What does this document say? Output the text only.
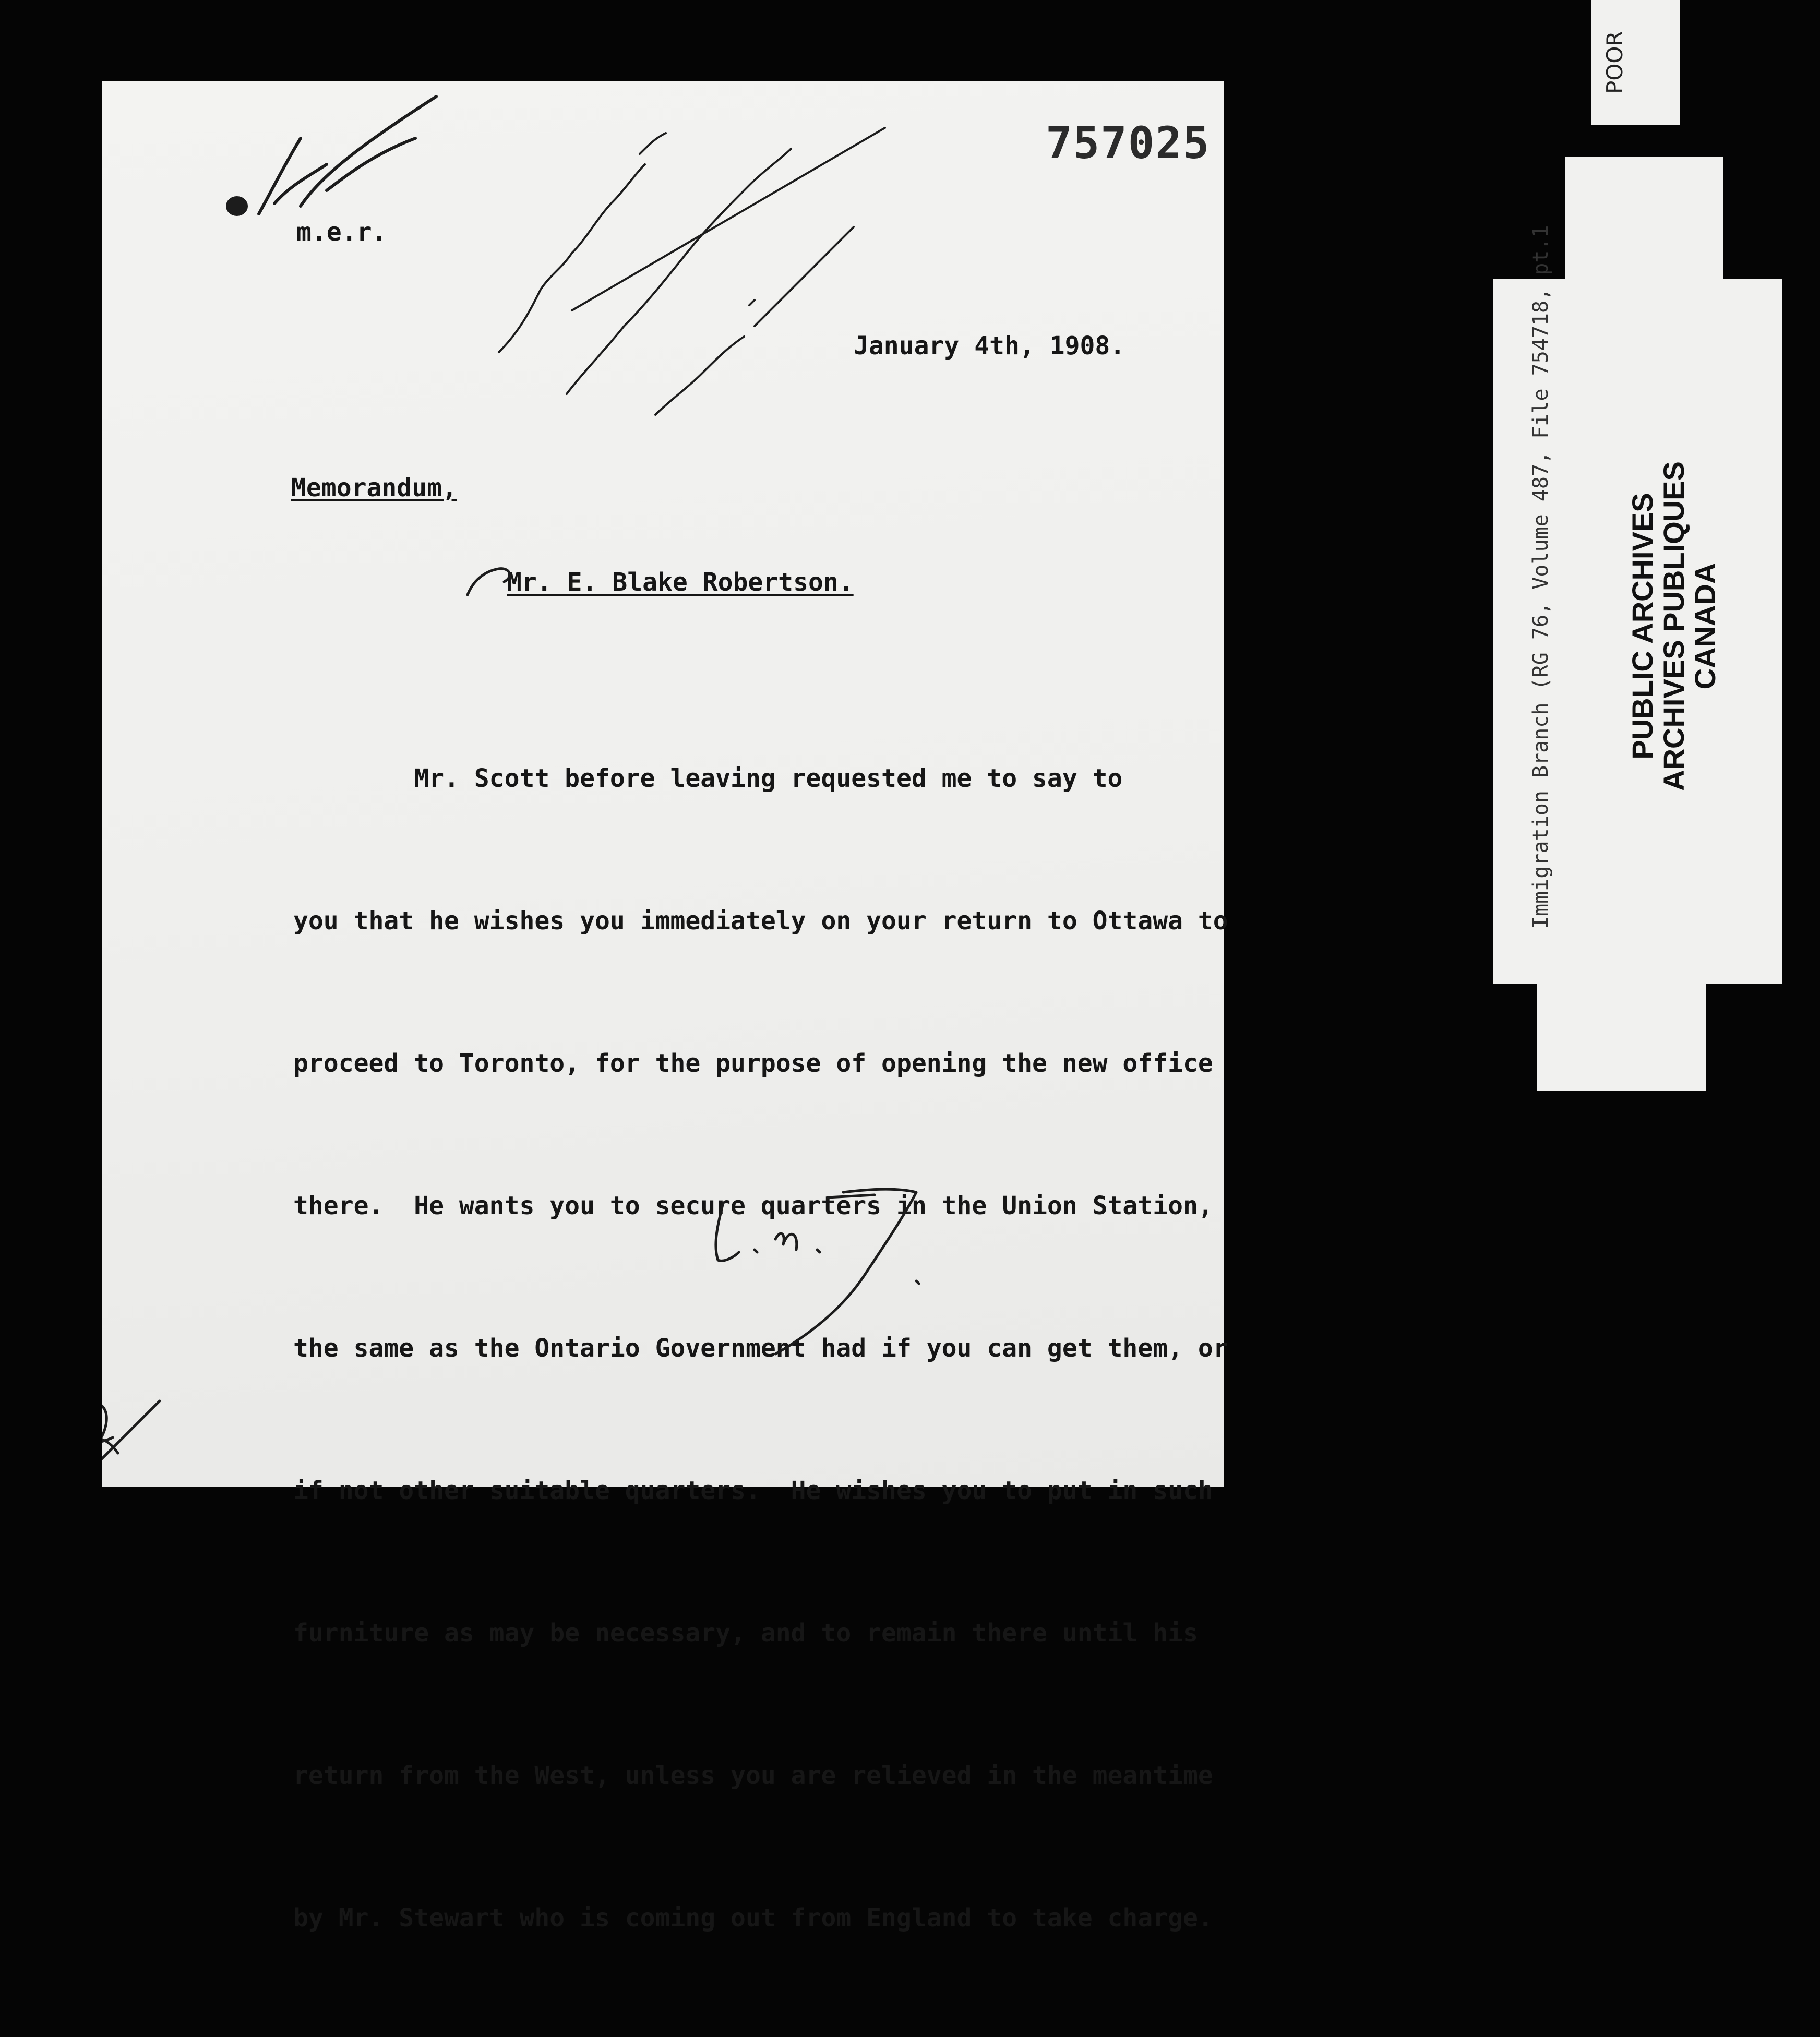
757025
m.e.r.
January 4th, 1908.
Memorandum,
Mr. E. Blake Robertson.

Mr. Scott before leaving requested me to say to

you that he wishes you immediately on your return to Ottawa to

proceed to Toronto, for the purpose of opening the new office

there.  He wants you to secure quarters in the Union Station,

the same as the Ontario Government had if you can get them, or

if not other suitable quarters.  He wishes you to put in such

furniture as may be necessary, and to remain there until his

return from the West, unless you are relieved in the meantime

by Mr. Stewart who is coming out from England to take charge.

POOR
Immigration Branch (RG 76, Volume 487, File 754718, pt.1	PUBLIC ARCHIVES
ARCHIVES PUBLIQUES
CANADA
